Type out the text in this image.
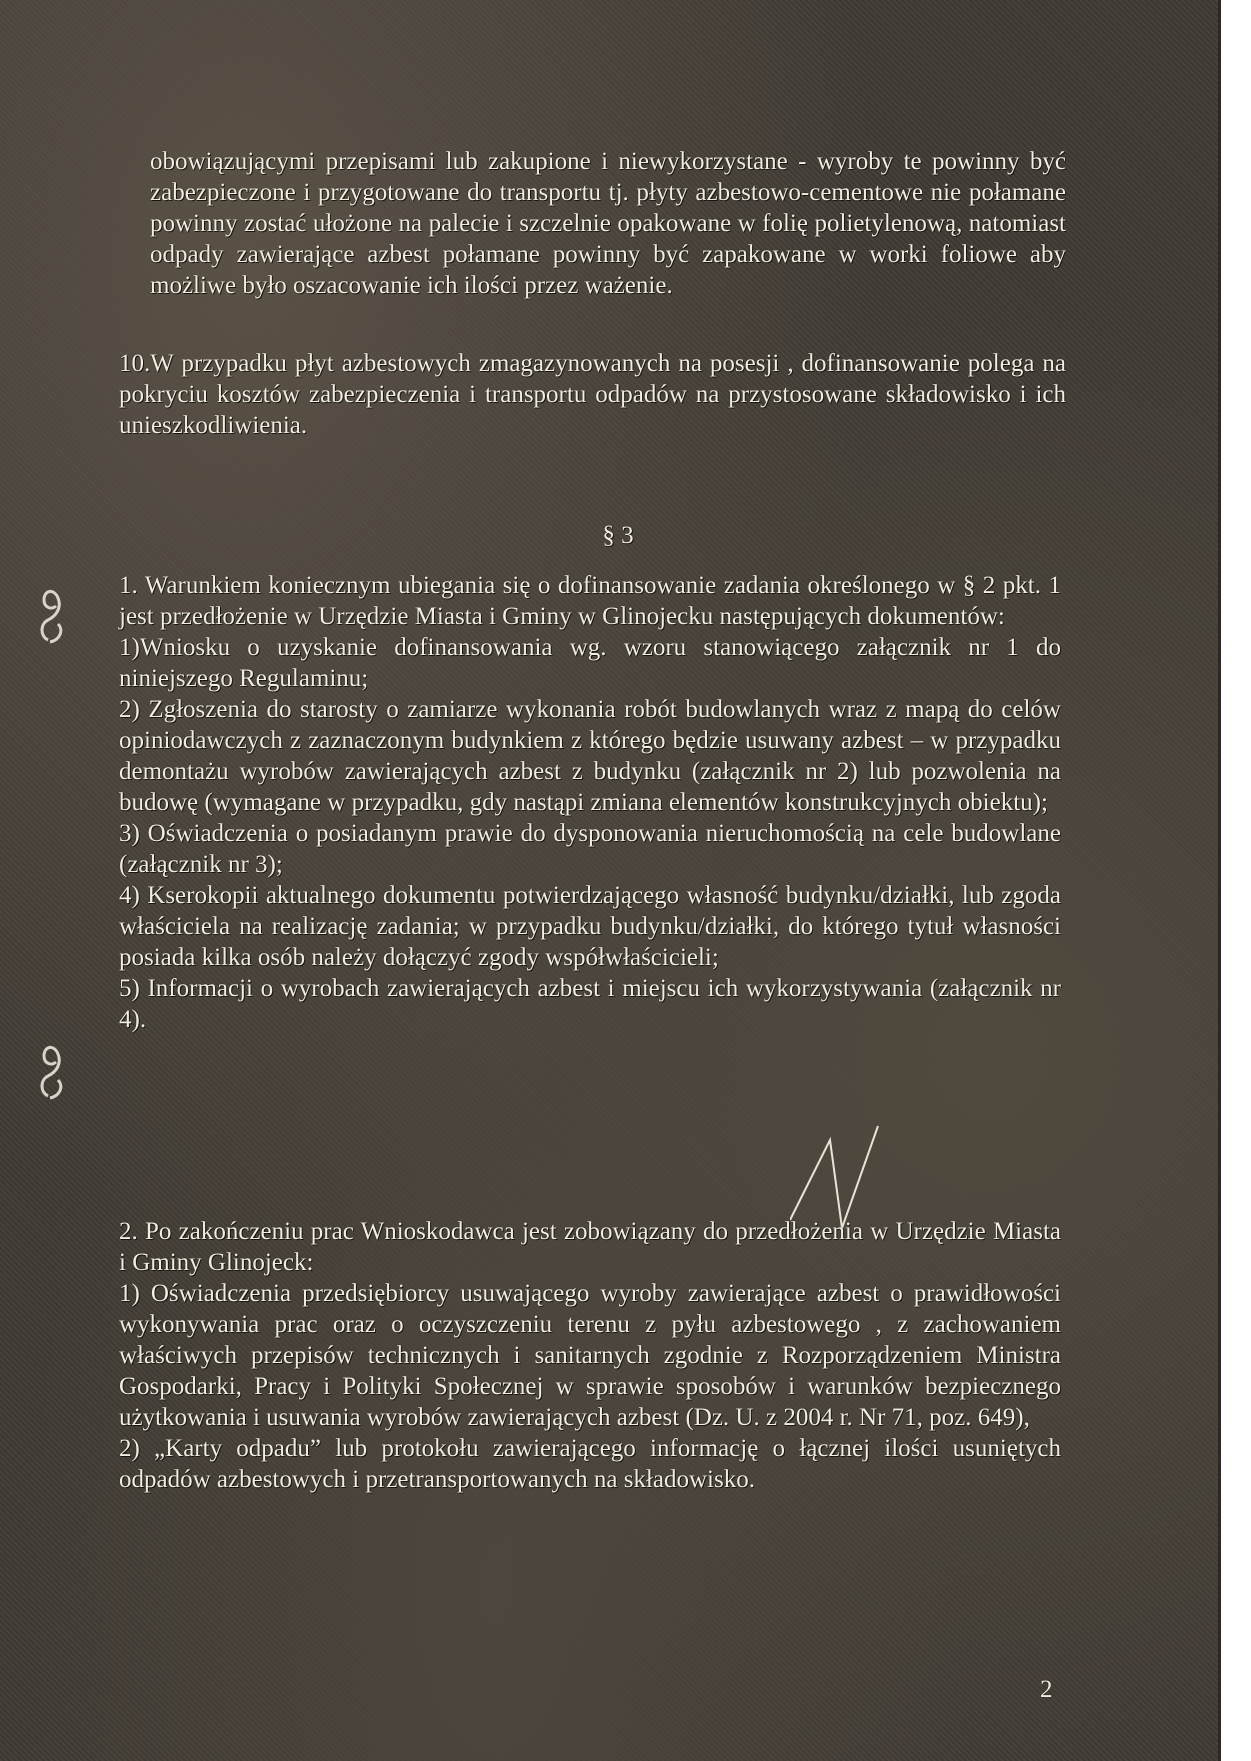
obowiązującymi przepisami lub zakupione i niewykorzystane - wyroby te powinny być zabezpieczone i przygotowane do transportu tj. płyty azbestowo-cementowe nie połamane powinny zostać ułożone na palecie i szczelnie opakowane w folię polietylenową, natomiast odpady zawierające azbest połamane powinny być zapakowane w worki foliowe aby możliwe było oszacowanie ich ilości przez ważenie.

10.W przypadku płyt azbestowych zmagazynowanych na posesji , dofinansowanie polega na pokryciu kosztów zabezpieczenia i transportu odpadów na przystosowane składowisko i ich unieszkodliwienia.

§ 3

1. Warunkiem koniecznym ubiegania się o dofinansowanie zadania określonego w § 2 pkt. 1 jest przedłożenie w Urzędzie Miasta i Gminy w Glinojecku następujących dokumentów:

1)Wniosku o uzyskanie dofinansowania wg. wzoru stanowiącego załącznik nr 1 do niniejszego Regulaminu;

2) Zgłoszenia do starosty o zamiarze wykonania robót budowlanych wraz z mapą do celów opiniodawczych z zaznaczonym budynkiem z którego będzie usuwany azbest – w przypadku demontażu wyrobów zawierających azbest z budynku (załącznik nr 2) lub pozwolenia na budowę (wymagane w przypadku, gdy nastąpi zmiana elementów konstrukcyjnych obiektu);

3) Oświadczenia o posiadanym prawie do dysponowania nieruchomością na cele budowlane (załącznik nr 3);

4) Kserokopii aktualnego dokumentu potwierdzającego własność budynku/działki, lub zgoda właściciela na realizację zadania; w przypadku budynku/działki, do którego tytuł własności posiada kilka osób należy dołączyć zgody współwłaścicieli;

5) Informacji o wyrobach zawierających azbest i miejscu ich wykorzystywania (załącznik nr 4).

2. Po zakończeniu prac Wnioskodawca jest zobowiązany do przedłożenia w Urzędzie Miasta i Gminy Glinojeck:

1) Oświadczenia przedsiębiorcy usuwającego wyroby zawierające azbest o prawidłowości wykonywania prac oraz o oczyszczeniu terenu z pyłu azbestowego , z zachowaniem właściwych przepisów technicznych i sanitarnych zgodnie z Rozporządzeniem Ministra Gospodarki, Pracy i Polityki Społecznej w sprawie sposobów i warunków bezpiecznego użytkowania i usuwania wyrobów zawierających azbest (Dz. U. z 2004 r. Nr 71, poz. 649),

2) „Karty odpadu” lub protokołu zawierającego informację o łącznej ilości usuniętych odpadów azbestowych i przetransportowanych na składowisko.

2
